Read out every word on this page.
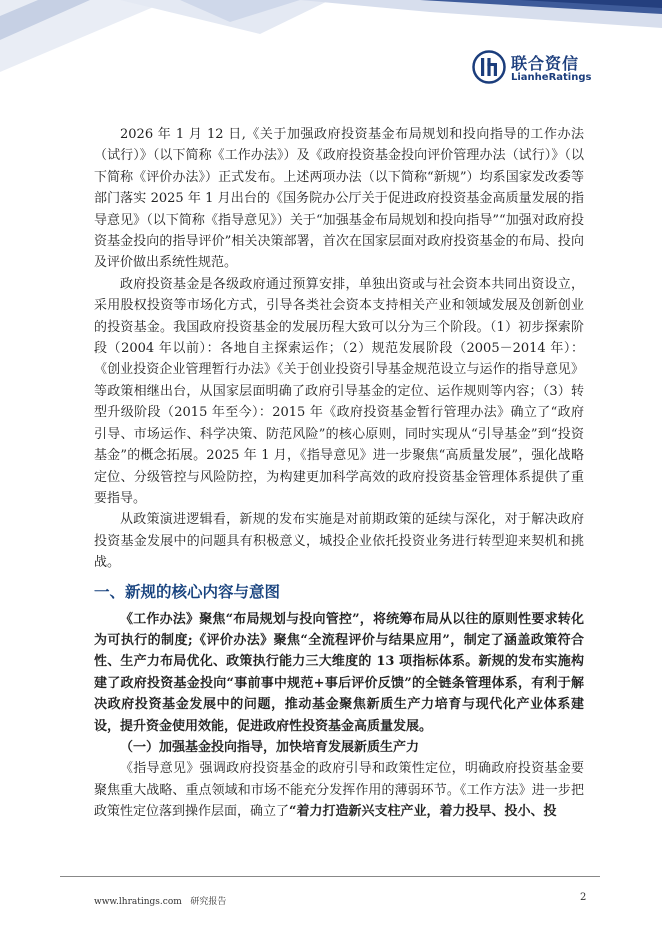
联合资信
LianheRatings

2026 年 1 月 12 日,《关于加强政府投资基金布局规划和投向指导的工作办法（试行）》（以下简称《工作办法》）及《政府投资基金投向评价管理办法（试行）》（以下简称《评价办法》）正式发布。上述两项办法（以下简称“新规”）均系国家发改委等部门落实 2025 年 1 月出台的《国务院办公厅关于促进政府投资基金高质量发展的指导意见》（以下简称《指导意见》）关于“加强基金布局规划和投向指导”“加强对政府投资基金投向的指导评价”相关决策部署，首次在国家层面对政府投资基金的布局、投向及评价做出系统性规范。

政府投资基金是各级政府通过预算安排，单独出资或与社会资本共同出资设立，采用股权投资等市场化方式，引导各类社会资本支持相关产业和领域发展及创新创业的投资基金。我国政府投资基金的发展历程大致可以分为三个阶段。（1）初步探索阶段（2004 年以前）：各地自主探索运作；（2）规范发展阶段（2005－2014 年）：《创业投资企业管理暂行办法》《关于创业投资引导基金规范设立与运作的指导意见》等政策相继出台，从国家层面明确了政府引导基金的定位、运作规则等内容；（3）转型升级阶段（2015 年至今）：2015 年《政府投资基金暂行管理办法》确立了“政府引导、市场运作、科学决策、防范风险”的核心原则，同时实现从“引导基金”到“投资基金”的概念拓展。2025 年 1 月，《指导意见》进一步聚焦“高质量发展”，强化战略定位、分级管控与风险防控，为构建更加科学高效的政府投资基金管理体系提供了重要指导。

从政策演进逻辑看，新规的发布实施是对前期政策的延续与深化，对于解决政府投资基金发展中的问题具有积极意义，城投企业依托投资业务进行转型迎来契机和挑战。

一、新规的核心内容与意图

《工作办法》聚焦“布局规划与投向管控”，将统筹布局从以往的原则性要求转化为可执行的制度;《评价办法》聚焦“全流程评价与结果应用”，制定了涵盖政策符合性、生产力布局优化、政策执行能力三大维度的 13 项指标体系。新规的发布实施构建了政府投资基金投向“事前事中规范+事后评价反馈”的全链条管理体系，有利于解决政府投资基金发展中的问题，推动基金聚焦新质生产力培育与现代化产业体系建设，提升资金使用效能，促进政府性投资基金高质量发展。

（一）加强基金投向指导，加快培育发展新质生产力

《指导意见》强调政府投资基金的政府引导和政策性定位，明确政府投资基金要聚焦重大战略、重点领域和市场不能充分发挥作用的薄弱环节。《工作方法》进一步把政策性定位落到操作层面，确立了“着力打造新兴支柱产业，着力投早、投小、投

www.lhratings.com 研究报告	2
